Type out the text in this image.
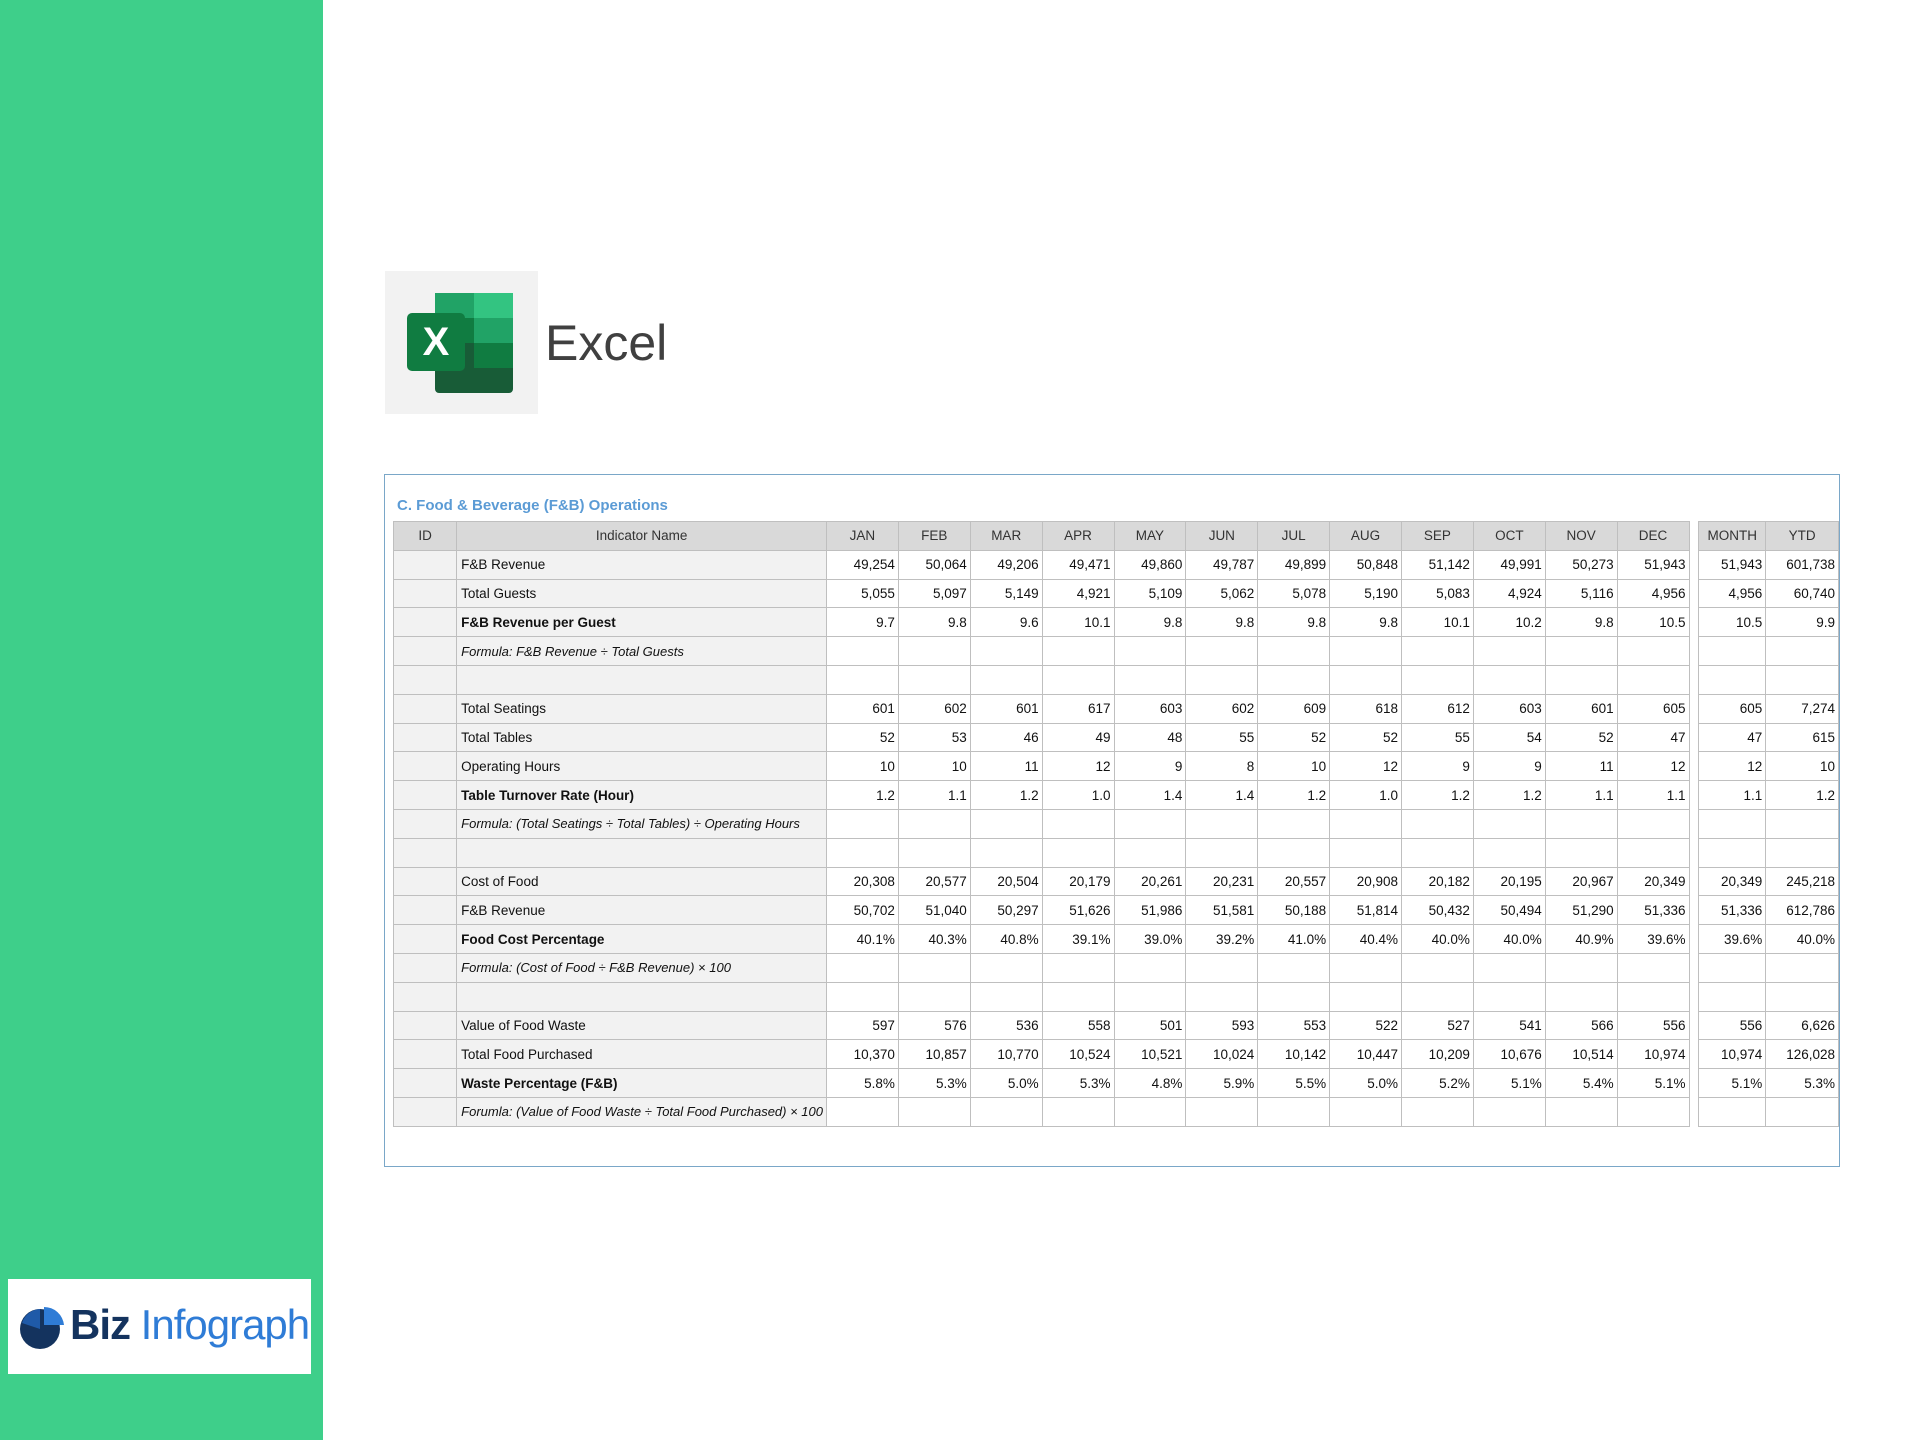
Biz Infograph
X Excel
C. Food & Beverage (F&B) Operations
ID	Indicator Name	JAN	FEB	MAR	APR	MAY	JUN	JUL	AUG	SEP	OCT	NOV	DEC		MONTH	YTD
	F&B Revenue	49,254	50,064	49,206	49,471	49,860	49,787	49,899	50,848	51,142	49,991	50,273	51,943		51,943	601,738
	Total Guests	5,055	5,097	5,149	4,921	5,109	5,062	5,078	5,190	5,083	4,924	5,116	4,956		4,956	60,740
	F&B Revenue per Guest	9.7	9.8	9.6	10.1	9.8	9.8	9.8	9.8	10.1	10.2	9.8	10.5		10.5	9.9
	Formula: F&B Revenue ÷ Total Guests															

	Total Seatings	601	602	601	617	603	602	609	618	612	603	601	605		605	7,274
	Total Tables	52	53	46	49	48	55	52	52	55	54	52	47		47	615
	Operating Hours	10	10	11	12	9	8	10	12	9	9	11	12		12	10
	Table Turnover Rate (Hour)	1.2	1.1	1.2	1.0	1.4	1.4	1.2	1.0	1.2	1.2	1.1	1.1		1.1	1.2
	Formula: (Total Seatings ÷ Total Tables) ÷ Operating Hours															

	Cost of Food	20,308	20,577	20,504	20,179	20,261	20,231	20,557	20,908	20,182	20,195	20,967	20,349		20,349	245,218
	F&B Revenue	50,702	51,040	50,297	51,626	51,986	51,581	50,188	51,814	50,432	50,494	51,290	51,336		51,336	612,786
	Food Cost Percentage	40.1%	40.3%	40.8%	39.1%	39.0%	39.2%	41.0%	40.4%	40.0%	40.0%	40.9%	39.6%		39.6%	40.0%
	Formula: (Cost of Food ÷ F&B Revenue) × 100															

	Value of Food Waste	597	576	536	558	501	593	553	522	527	541	566	556		556	6,626
	Total Food Purchased	10,370	10,857	10,770	10,524	10,521	10,024	10,142	10,447	10,209	10,676	10,514	10,974		10,974	126,028
	Waste Percentage (F&B)	5.8%	5.3%	5.0%	5.3%	4.8%	5.9%	5.5%	5.0%	5.2%	5.1%	5.4%	5.1%		5.1%	5.3%
	Forumla: (Value of Food Waste ÷ Total Food Purchased) × 100															
